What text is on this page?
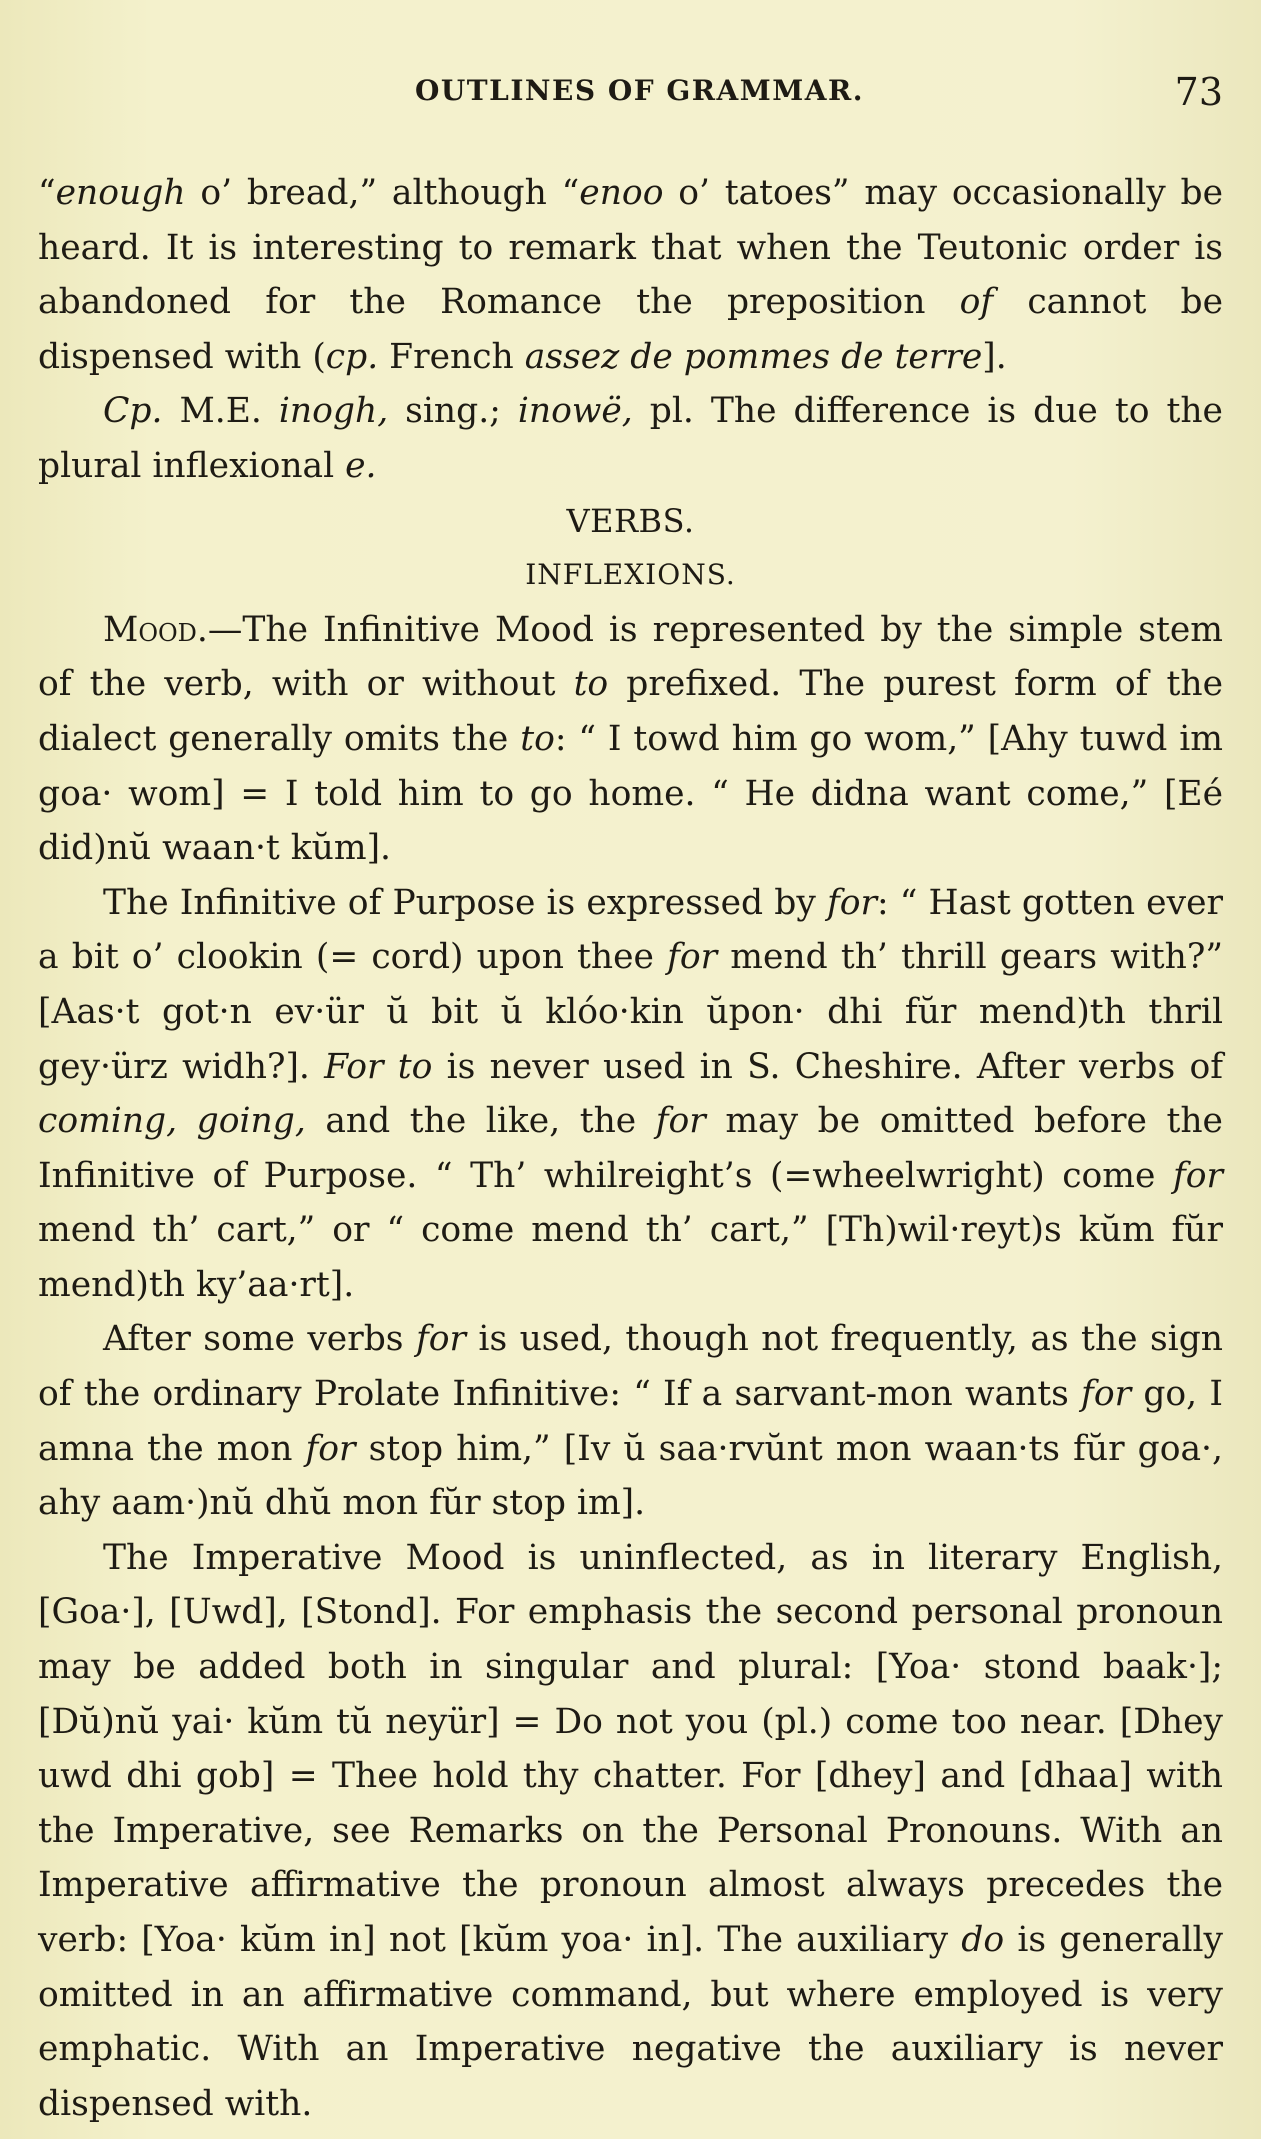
OUTLINES OF GRAMMAR.	73

“enough o’ bread,” although “enoo o’ tatoes” may occasionally be heard. It is interesting to remark that when the Teutonic order is abandoned for the Romance the preposition of cannot be dispensed with (cp. French assez de pommes de terre].

Cp. M.E. inogh, sing.; inowë, pl. The difference is due to the plural inflexional e.

VERBS.

INFLEXIONS.

Mood.—The Infinitive Mood is represented by the simple stem of the verb, with or without to prefixed. The purest form of the dialect generally omits the to: “ I towd him go wom,” [Ahy tuwd im goa· wom] = I told him to go home. “ He didna want come,” [Eé did)nŭ waan·t kŭm].

The Infinitive of Purpose is expressed by for: “ Hast gotten ever a bit o’ clookin (= cord) upon thee for mend th’ thrill gears with?” [Aas·t got·n ev·ür ŭ bit ŭ klóo·kin ŭpon· dhi fŭr mend)th thril gey·ürz widh?]. For to is never used in S. Cheshire. After verbs of coming, going, and the like, the for may be omitted before the Infinitive of Purpose. “ Th’ whilreight’s (=wheelwright) come for mend th’ cart,” or “ come mend th’ cart,” [Th)wil·reyt)s kŭm fŭr mend)th ky’aa·rt].

After some verbs for is used, though not frequently, as the sign of the ordinary Prolate Infinitive: “ If a sarvant-mon wants for go, I amna the mon for stop him,” [Iv ŭ saa·rvŭnt mon waan·ts fŭr goa·, ahy aam·)nŭ dhŭ mon fŭr stop im].

The Imperative Mood is uninflected, as in literary English, [Goa·], [Uwd], [Stond]. For emphasis the second personal pronoun may be added both in singular and plural: [Yoa· stond baak·]; [Dŭ)nŭ yai· kŭm tŭ neyür] = Do not you (pl.) come too near. [Dhey uwd dhi gob] = Thee hold thy chatter. For [dhey] and [dhaa] with the Imperative, see Remarks on the Personal Pronouns. With an Imperative affirmative the pronoun almost always precedes the verb: [Yoa· kŭm in] not [kŭm yoa· in]. The auxiliary do is generally omitted in an affirmative command, but where employed is very emphatic. With an Imperative negative the auxiliary is never dispensed with.
